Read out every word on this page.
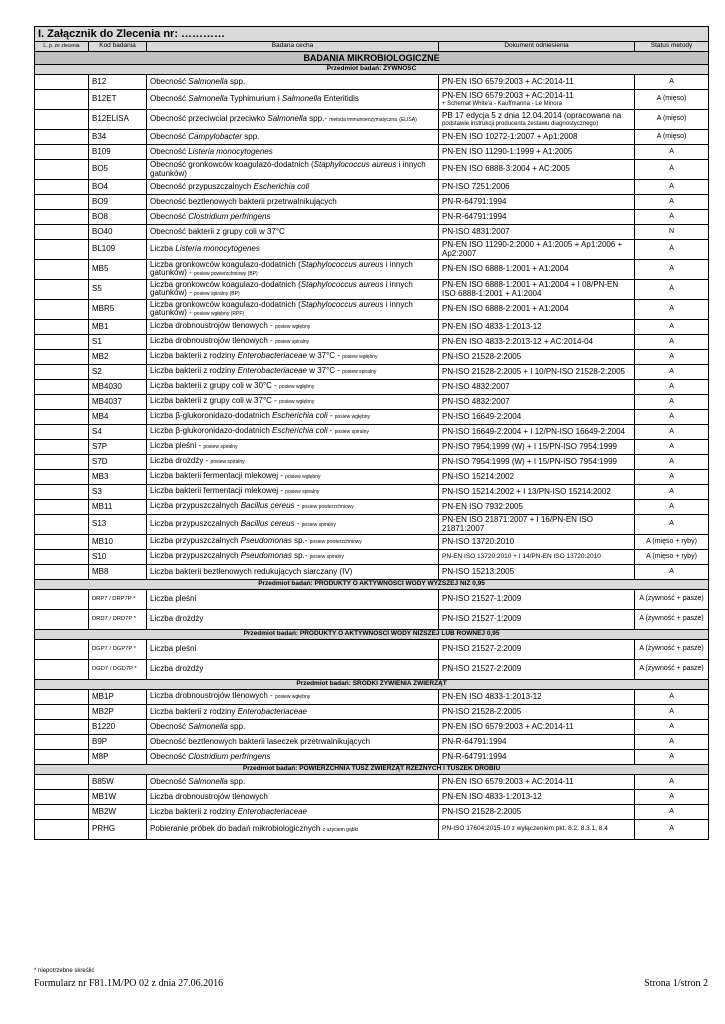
I. Załącznik do Zlecenia nr: …………				
L. p. ze zlecenia	Kod badania	Badana cecha	Dokument odniesienia	Status metody
BADANIA MIKROBIOLOGICZNE				
Przedmiot badań: ŻYWNOŚĆ				
	B12	Obecność Salmonella spp.	PN-EN ISO 6579:2003 + AC:2014-11	A
	B12ET	Obecność Salmonella Typhimurium i Salmonella Enteritidis	PN-EN ISO 6579:2003 + AC:2014-11
+ Schemat White'a - Kauffmanna - Le Minora	A (mięso)
	B12ELISA	Obecność przeciwciał przeciwko Salmonella spp.- metoda immunoenzymatyczna (ELISA)	PB 17 edycja 5 z dnia 12.04.2014 (opracowana na
podstawie instrukcji producenta zestawu diagnostycznego)	A (mięso)
	B34	Obecność Campylobacter spp.	PN-EN ISO 10272-1:2007 + Ap1:2008	A (mięso)
	B109	Obecność Listeria monocytogenes	PN-EN ISO 11290-1:1999 + A1:2005	A
	BO5	Obecność gronkowców koagulazo-dodatnich (Staphylococcus aureus i innych gatunków)	PN-EN ISO 6888-3:2004 + AC:2005	A
	BO4	Obecność przypuszczalnych Escherichia coli	PN-ISO 7251:2006	A
	BO9	Obecność beztlenowych bakterii przetrwalnikujących	PN-R-64791:1994	A
	BO8	Obecność Clostridium perfringens	PN-R-64791:1994	A
	BO40	Obecność bakterii z grupy coli w 37°C	PN-ISO 4831:2007	N
	BL109	Liczba Listeria monocytogenes	PN-EN ISO 11290-2:2000 + A1:2005 + Ap1:2006 + Ap2:2007	A
	MB5	Liczba gronkowców koagulazo-dodatnich (Staphylococcus aureus i innych gatunków) - posiew powierzchniowy (BP)	PN-EN ISO 6888-1:2001 + A1:2004	A
	S5	Liczba gronkowców koagulazo-dodatnich (Staphylococcus aureus i innych gatunków) - posiew spiralny (BP)	PN-EN ISO 6888-1:2001 + A1:2004 + I 08/PN-EN ISO 6888-1:2001 + A1:2004	A
	MBR5	Liczba gronkowców koagulazo-dodatnich (Staphylococcus aureus i innych gatunków) - posiew wgłębny (RPF)	PN-EN ISO 6888-2:2001 + A1:2004	A
	MB1	Liczba drobnoustrojów tlenowych - posiew wgłębny	PN-EN ISO 4833-1:2013-12	A
	S1	Liczba drobnoustrojów tlenowych - posiew spiralny	PN-EN ISO 4833-2:2013-12 + AC:2014-04	A
	MB2	Liczba bakterii z rodziny Enterobacteriaceae w 37°C - posiew wgłębny	PN-ISO 21528-2:2005	A
	S2	Liczba bakterii z rodziny Enterobacteriaceae w 37°C - posiew spiralny	PN-ISO 21528-2:2005 + I 10/PN-ISO 21528-2:2005	A
	MB4030	Liczba bakterii z grupy coli w 30°C - posiew wgłębny	PN-ISO 4832:2007	A
	MB4037	Liczba bakterii z grupy coli w 37°C - posiew wgłębny	PN-ISO 4832:2007	A
	MB4	Liczba β-glukoronidazo-dodatnich Escherichia coli - posiew wgłębny	PN-ISO 16649-2:2004	A
	S4	Liczba β-glukoronidazo-dodatnich Escherichia coli - posiew spiralny	PN-ISO 16649-2:2004 + I 12/PN-ISO 16649-2:2004	A
	S7P	Liczba pleśni - posiew spiralny	PN-ISO 7954:1999 (W) + I 15/PN-ISO 7954:1999	A
	S7D	Liczba drożdży - posiew spiralny	PN-ISO 7954:1999 (W) + I 15/PN-ISO 7954:1999	A
	MB3	Liczba bakterii fermentacji mlekowej - posiew wgłębny	PN-ISO 15214:2002	A
	S3	Liczba bakterii fermentacji mlekowej - posiew spiralny	PN-ISO 15214:2002 + I 13/PN-ISO 15214:2002	A
	MB11	Liczba przypuszczalnych Bacillus cereus - posiew powierzchniowy	PN-EN ISO 7932:2005	A
	S13	Liczba przypuszczalnych Bacillus cereus - posiew spiralny	PN-EN ISO 21871:2007 + I 16/PN-EN ISO 21871:2007	A
	MB10	Liczba przypuszczalnych Pseudomonas sp.- posiew powierzchniowy	PN-ISO 13720:2010	A (mięso + ryby)
	S10	Liczba przypuszczalnych Pseudomonas sp.- posiew spiralny	PN-EN ISO 13720:2010 + I 14/PN-EN ISO 13720:2010	A (mięso + ryby)
	MB8	Liczba bakterii beztlenowych redukujących siarczany (IV)	PN-ISO 15213:2005	A
Przedmiot badań: PRODUKTY O AKTYWNOŚCI WODY WYŻSZEJ NIŻ 0,95				
	DRP7 / DRP7P *	Liczba pleśni	PN-ISO 21527-1:2009	A (żywność + pasze)
	DRD7 / DRD7P *	Liczba drożdży	PN-ISO 21527-1:2009	A (żywność + pasze)
Przedmiot badań: PRODUKTY O AKTYWNOŚCI WODY NIŻSZEJ LUB RÓWNEJ 0,95				
	DGP7 / DGP7P *	Liczba pleśni	PN-ISO 21527-2:2009	A (żywność + pasze)
	DGD7 / DGD7P *	Liczba drożdży	PN-ISO 21527-2:2009	A (żywność + pasze)
Przedmiot badań: ŚRODKI ŻYWIENIA ZWIERZĄT				
	MB1P	Liczba drobnoustrojów tlenowych - posiew wgłębny	PN-EN ISO 4833-1:2013-12	A
	MB2P	Liczba bakterii z rodziny Enterobacteriaceae	PN-ISO 21528-2:2005	A
	B1220	Obecność Salmonella spp.	PN-EN ISO 6579:2003 + AC:2014-11	A
	B9P	Obecność beztlenowych bakterii laseczek przetrwalnikujących	PN-R-64791:1994	A
	M8P	Obecność Clostridium perfringens	PN-R-64791:1994	A
Przedmiot badań: POWIERZCHNIA TUSZ ZWIERZĄT RZEŹNYCH I TUSZEK DROBIU				
	B85W	Obecność Salmonella spp.	PN-EN ISO 6579:2003 + AC:2014-11	A
	MB1W	Liczba drobnoustrojów tlenowych	PN-EN ISO 4833-1:2013-12	A
	MB2W	Liczba bakterii z rodziny Enterobacteriaceae	PN-ISO 21528-2:2005	A
	PRHG	Pobieranie próbek do badań mikrobiologicznych z użyciem gąbki	PN-ISO 17604:2015-10 z wyłączeniem pkt. 8.2, 8.3.1, 8.4	A
* niepotrzebne skreślić
Formularz nr F81.1M/PO 02 z dnia 27.06.2016	Strona 1/stron 2
